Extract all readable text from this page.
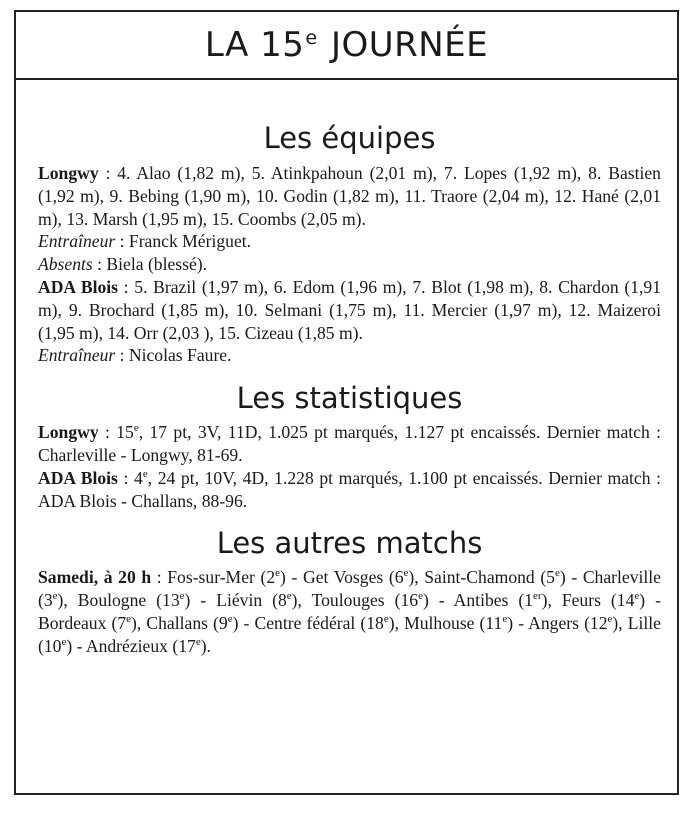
LA 15e JOURNÉE
Les équipes

Longwy : 4. Alao (1,82 m), 5. Atinkpahoun (2,01 m), 7. Lopes (1,92 m), 8. Bastien (1,92 m), 9. Bebing (1,90 m), 10. Godin (1,82 m), 11. Traore (2,04 m), 12. Hané (2,01 m), 13. Marsh (1,95 m), 15. Coombs (2,05 m).

Entraîneur : Franck Mériguet.

Absents : Biela (blessé).

ADA Blois : 5. Brazil (1,97 m), 6. Edom (1,96 m), 7. Blot (1,98 m), 8. Chardon (1,91 m), 9. Brochard (1,85 m), 10. Selmani (1,75 m), 11. Mercier (1,97 m), 12. Maizeroi (1,95 m), 14. Orr (2,03 ), 15. Cizeau (1,85 m).

Entraîneur : Nicolas Faure.

Les statistiques

Longwy : 15e, 17 pt, 3V, 11D, 1.025 pt marqués, 1.127 pt encaissés. Dernier match : Charleville - Longwy, 81-69.

ADA Blois : 4e, 24 pt, 10V, 4D, 1.228 pt marqués, 1.100 pt encaissés. Dernier match : ADA Blois - Challans, 88-96.

Les autres matchs

Samedi, à 20 h : Fos-sur-Mer (2e) - Get Vosges (6e), Saint-Chamond (5e) - Charleville (3e), Boulogne (13e) - Liévin (8e), Toulouges (16e) - Antibes (1er), Feurs (14e) - Bordeaux (7e), Challans (9e) - Centre fédéral (18e), Mulhouse (11e) - Angers (12e), Lille (10e) - Andrézieux (17e).
